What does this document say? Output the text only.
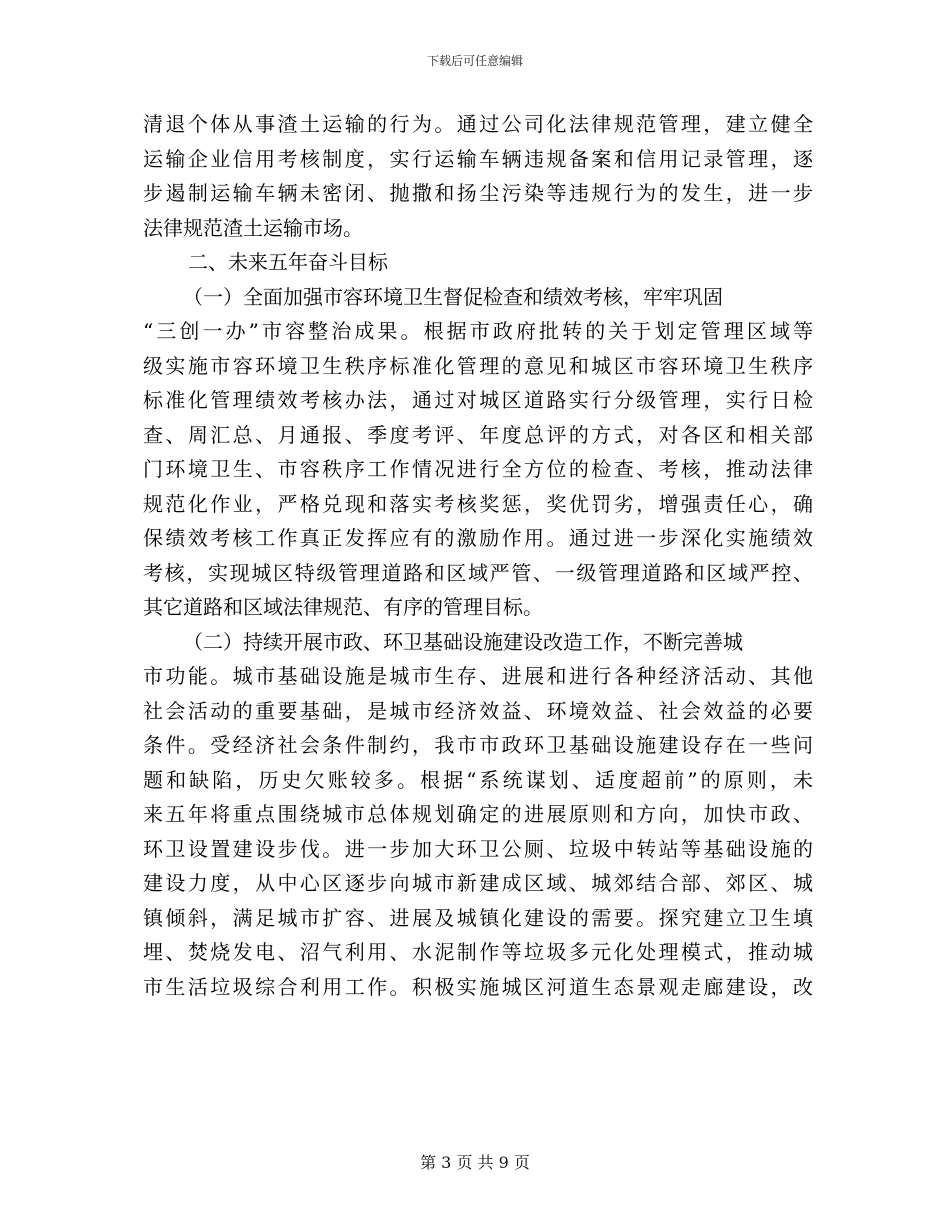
下载后可任意编辑
清退个体从事渣土运输的行为。通过公司化法律规范管理，建立健全
运输企业信用考核制度，实行运输车辆违规备案和信用记录管理，逐
步遏制运输车辆未密闭、抛撒和扬尘污染等违规行为的发生，进一步
法律规范渣土运输市场。
二、未来五年奋斗目标
（一）全面加强市容环境卫生督促检查和绩效考核，牢牢巩固
“三创一办”市容整治成果。根据市政府批转的关于划定管理区域等
级实施市容环境卫生秩序标准化管理的意见和城区市容环境卫生秩序
标准化管理绩效考核办法，通过对城区道路实行分级管理，实行日检
查、周汇总、月通报、季度考评、年度总评的方式，对各区和相关部
门环境卫生、市容秩序工作情况进行全方位的检查、考核，推动法律
规范化作业，严格兑现和落实考核奖惩，奖优罚劣，增强责任心，确
保绩效考核工作真正发挥应有的激励作用。通过进一步深化实施绩效
考核，实现城区特级管理道路和区域严管、一级管理道路和区域严控、
其它道路和区域法律规范、有序的管理目标。
（二）持续开展市政、环卫基础设施建设改造工作，不断完善城
市功能。城市基础设施是城市生存、进展和进行各种经济活动、其他
社会活动的重要基础，是城市经济效益、环境效益、社会效益的必要
条件。受经济社会条件制约，我市市政环卫基础设施建设存在一些问
题和缺陷，历史欠账较多。根据“系统谋划、适度超前”的原则，未
来五年将重点围绕城市总体规划确定的进展原则和方向，加快市政、
环卫设置建设步伐。进一步加大环卫公厕、垃圾中转站等基础设施的
建设力度，从中心区逐步向城市新建成区域、城郊结合部、郊区、城
镇倾斜，满足城市扩容、进展及城镇化建设的需要。探究建立卫生填
埋、焚烧发电、沼气利用、水泥制作等垃圾多元化处理模式，推动城
市生活垃圾综合利用工作。积极实施城区河道生态景观走廊建设，改
第 3 页 共 9 页
